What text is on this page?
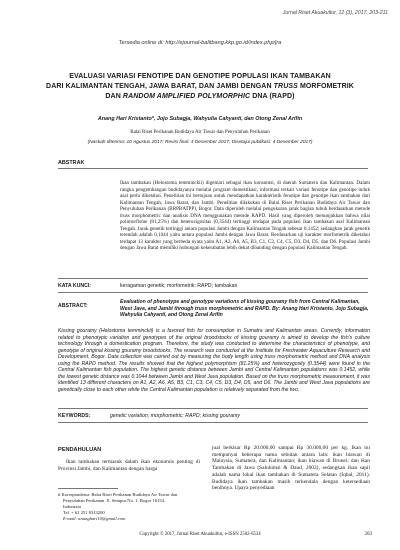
Jurnal Riset Akuakultur, 12 (3), 2017, 203-211
Tersedia online di: http://ejournal-balitbang.kkp.go.id/index.php/jra
EVALUASI VARIASI FENOTIPE DAN GENOTIPE POPULASI IKAN TAMBAKAN
DARI KALIMANTAN TENGAH, JAWA BARAT, DAN JAMBI DENGAN TRUSS MORFOMETRIK
DAN RANDOM AMPLIFIED POLYMORPHIC DNA (RAPD)
Anang Hari Kristanto*, Jojo Subagja, Wahyulia Cahyanti, dan Otong Zenal Arifin
Balai Riset Perikanan Budidaya Air Tawar dan Penyuluhan Perikanan
(Naskah diterima: 10 Agustus 2017; Revisi final: 4 Desember 2017; Disetujui publikasi: 4 Desember 2017)
ABSTRAK

Ikan tambakan (Helostoma temminckii) digemari sebagai ikan konsumsi, di daerah Sumatera dan Kalimantan. Dalam rangka pengembangan budidayanya melalui program domestikasi, informasi terkait variasi fenotipe dan genotipe induk asal perlu diketahui. Penelitian ini bertujuan untuk mendapatkan karakteristik fenotipe dan genotipe ikan tambakan dari Kalimantan Tengah, Jawa Barat, dan Jambi. Penelitian dilakukan di Balai Riset Perikanan Budidaya Air Tawar dan Penyuluhan Perikanan (BRPBATPP), Bogor. Data diperoleh melalui pengukuran jarak bagian tubuh berdasarkan metode truss morphometric dan analisis DNA menggunakan metode RAPD. Hasil yang diperoleh menunjukkan bahwa nilai polimorfisme (81,25%) dan heterozigositas (0,3544) tertinggi terdapat pada populasi ikan tambakan asal Kalimantan Tengah. Jarak genetik tertinggi antara populasi Jambi dengan Kalimantan Tengah sebesar 0,1452; sedangkan jarak genetik terendah adalah 0,1044 yaitu antara populasi Jambi dengan Jawa Barat. Berdasarkan uji karakter morfometrik diketahui terdapat 13 karakter yang berbeda nyata yaitu A1, A2, A6, A5, B3, C1, C3, C4, C5, D3, D4, D5, dan D6. Populasi Jambi dengan Jawa Barat memiliki hubungan kekerabatan lebih dekat dibanding dengan populasi Kalimantan Tengah.

KATA KUNCI:	keragaman genetik; morfometrik; RAPD; tambakan
ABSTRACT:
Evaluation of phenotype and genotype variations of kissing gouramy fish from Central Kalimantan, West Java, and Jambi through truss morphometric and RAPD. By: Anang Hari Kristanto, Jojo Subagja, Wahyulia Cahyanti, and Otong Zenal Arifin
Kissing gouramy (Helostoma temminckii) is a favored fish for consumption in Sumatra and Kalimantan areas. Currently, information related to phenotypic variation and genotypes of the original broodstocks of kissing gouramy is aimed to develop the fish's culture technology through a domestication program. Therefore, the study was conducted to determine the characteristics of phenotype, and genotype of original kissing gouramy broodstocks. The research was conducted at the Institute for Freshwater Aquaculture Research and Development, Bogor. Data collection was carried out by measuring the body length using truss morphometric method and DNA analysis using the RAPD method. The results showed that the highest polymorphism (81.25%) and heterozygosity (0.3544) were found in the Central Kalimantan fish population. The highest genetic distance between Jambi and Central Kalimantan populations was 0.1452, while the lowest genetic distance was 0.1044 between Jambi and West Java population. Based on the truss morphometric measurement, it was identified 13 different characters on A1, A2, A6, A5, B3, C1, C3, C4, C5, D3, D4, D5, and D6. The Jambi and West Java populations are genetically close to each other while the Central Kalimantan population is relatively separated from the two.
KEYWORDS:	genetic variation; morphometric; RAPD; kissing gouramy
PENDAHULUAN

Ikan tambakan termasuk dalam ikan ekonomis penting di Provinsi Jambi, dan Kalimantan dengan harga

jual berkisar Rp 20.000,00 sampai Rp 30.000,00 per kg. Ikan ini mempunyai beberapa nama sebutan antara lain: ikan biawan di Malaysia, Sumatera, dan Kalimantan; ikan biawan di Brunei; dan ikan Tambakan di Jawa (Saluhimsi & Daud, 2002), sedangkan ikan sapil adalah nama lokal ikan tambakan di Sumatera Selatan (Iqbal, 2011). Budidaya ikan tambakan masih terkendala dengan ketersediaan benihnya. Upaya penyediaan

# Korespondensi: Balai Riset Perikanan Budidaya Air Tawar dan
Penyuluhan Perikanan. Jl. Sempur No. 1, Bogor 16154,
Indonesia
Tel. + 62 251 8313200
E-mail: ananghari10@gmail.com
Copyright © 2017, Jurnal Riset Akuakultur, e-ISSN 2502-6534	203
